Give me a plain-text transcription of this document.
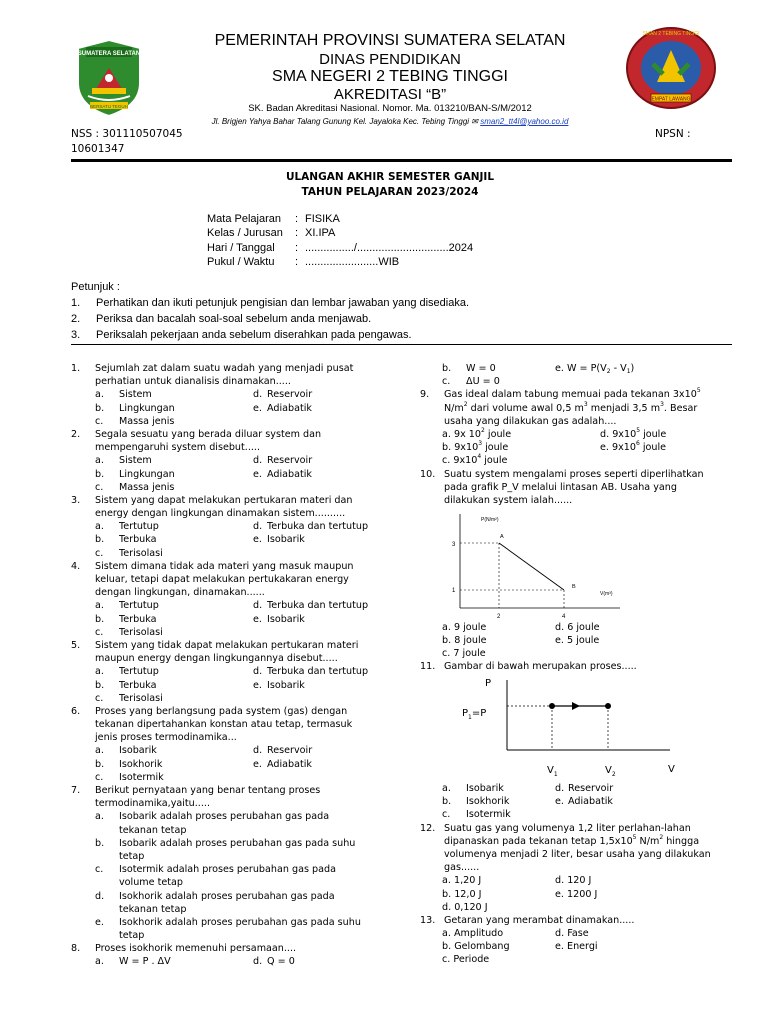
SUMATERA SELATAN
BERSATU TEGUH
SMAN 2 TEBING TINGGI
EMPAT LAWANG
PEMERINTAH PROVINSI SUMATERA SELATAN
DINAS PENDIDIKAN
SMA NEGERI 2 TEBING TINGGI
AKREDITASI “B”
SK. Badan Akreditasi Nasional. Nomor. Ma. 013210/BAN-S/M/2012
Jl. Brigjen Yahya Bahar Talang Gunung Kel. Jayaloka Kec. Tebing Tinggi ✉ sman2_tt4l@yahoo.co.id
NSS : 301110507045	NPSN :
10601347
ULANGAN AKHIR SEMESTER GANJIL
TAHUN PELAJARAN 2023/2024
Mata Pelajaran	: FISIKA
Kelas / Jurusan	: XI.IPA
Hari / Tanggal	: ................/..............................2024
Pukul / Waktu	: ........................WIB
Petunjuk :
1.	Perhatikan dan ikuti petunjuk pengisian dan lembar jawaban yang disediaka.
2.	Periksa dan bacalah soal-soal sebelum anda menjawab.
3.	Periksalah pekerjaan anda sebelum diserahkan pada pengawas.
1. Sejumlah zat dalam suatu wadah yang menjadi pusat
perhatian untuk dianalisis dinamakan.....
a. Sistem	d. Reservoir
b. Lingkungan	e. Adiabatik
c. Massa jenis
2. Segala sesuatu yang berada diluar system dan
mempengaruhi system disebut.....
a. Sistem	d. Reservoir
b. Lingkungan	e. Adiabatik
c. Massa jenis
3. Sistem yang dapat melakukan pertukaran materi dan
energy dengan lingkungan dinamakan sistem..........
a. Tertutup	d. Terbuka dan tertutup
b. Terbuka	e. Isobarik
c. Terisolasi
4. Sistem dimana tidak ada materi yang masuk maupun
keluar, tetapi dapat melakukan pertukakaran energy
dengan lingkungan, dinamakan......
a. Tertutup	d. Terbuka dan tertutup
b. Terbuka	e. Isobarik
c. Terisolasi
5. Sistem yang tidak dapat melakukan pertukaran materi
maupun energy dengan lingkungannya disebut.....
a. Tertutup	d. Terbuka dan tertutup
b. Terbuka	e. Isobarik
c. Terisolasi
6. Proses yang berlangsung pada system (gas) dengan
tekanan dipertahankan konstan atau tetap, termasuk
jenis proses termodinamika...
a. Isobarik	d. Reservoir
b. Isokhorik	e. Adiabatik
c. Isotermik
7. Berikut pernyataan yang benar tentang proses
termodinamika,yaitu.....
a. Isobarik adalah proses perubahan gas pada
tekanan tetap
b. Isobarik adalah proses perubahan gas pada suhu
tetap
c. Isotermik adalah proses perubahan gas pada
volume tetap
d. Isokhorik adalah proses perubahan gas pada
tekanan tetap
e. Isokhorik adalah proses perubahan gas pada suhu
tetap
8. Proses isokhorik memenuhi persamaan....
a. W = P . ΔV	d. Q = 0
b. W = 0	e. $W = P(V_2 - V_1)$
c. ΔU = 0
9. Gas ideal dalam tabung memuai pada tekanan $3x10^5$
$N/m^2$ dari volume awal 0,5 $m^3$ menjadi 3,5 $m^3$. Besar
usaha yang dilakukan gas adalah....
a. 9x $10^2$ joule	d. $9x10^5$ joule
b. $9x10^3$ joule	e. $9x10^6$ joule
c. $9x10^4$ joule
10. Suatu system mengalami proses seperti diperlihatkan
pada grafik P_V melalui lintasan AB. Usaha yang
dilakukan system ialah......
P(N/m²)
V(m³)
3
1
2	4
A
B
a. 9 joule	d. 6 joule
b. 8 joule	e. 5 joule
c. 7 joule
11. Gambar di bawah merupakan proses.....
P
$P_1=P$
$V_1$	$V_2$	V
a. Isobarik	d. Reservoir
b. Isokhorik	e. Adiabatik
c. Isotermik
12. Suatu gas yang volumenya 1,2 liter perlahan-lahan
dipanaskan pada tekanan tetap $1,5x10^5$ $N/m^2$ hingga
volumenya menjadi 2 liter, besar usaha yang dilakukan
gas......
a. 1,20 J	d. 120 J
b. 12,0 J	e. 1200 J
d. 0,120 J
13. Getaran yang merambat dinamakan.....
a. Amplitudo	d. Fase
b. Gelombang	e. Energi
c. Periode
